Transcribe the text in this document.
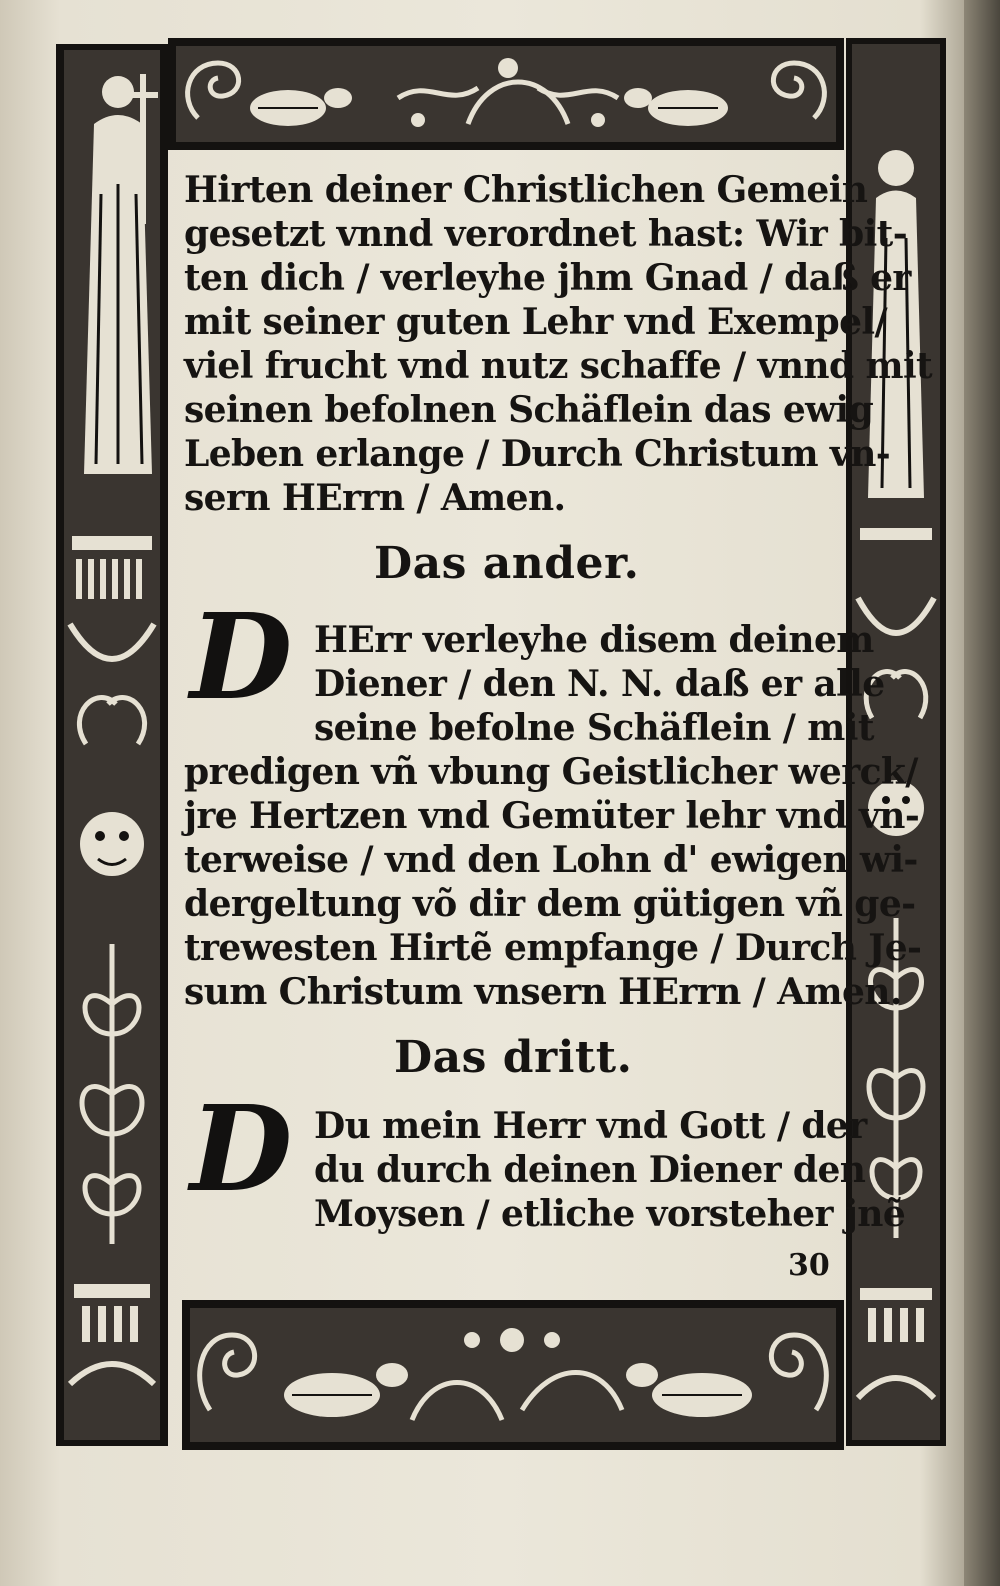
Hirten deiner Christlichen Gemein
gesetzt vnnd verordnet hast: Wir bit-
ten dich / verleyhe jhm Gnad / daß er
mit seiner guten Lehr vnd Exempel/
viel frucht vnd nutz schaffe / vnnd mit
seinen befolnen Schäflein das ewig
Leben erlange / Durch Christum vn-
sern HErrn / Amen.
Das ander.
D HErr verleyhe disem deinem
Diener / den N. N. daß er alle
seine befolne Schäflein / mit
predigen vñ vbung Geistlicher werck/
jre Hertzen vnd Gemüter lehr vnd vn-
terweise / vnd den Lohn d' ewigen wi-
dergeltung võ dir dem gütigen vñ ge-
trewesten Hirtẽ empfange / Durch Je-
sum Christum vnsern HErrn / Amen.
Das dritt.
D Du mein Herr vnd Gott / der
du durch deinen Diener den
Moysen / etliche vorsteher jnẽ
30
